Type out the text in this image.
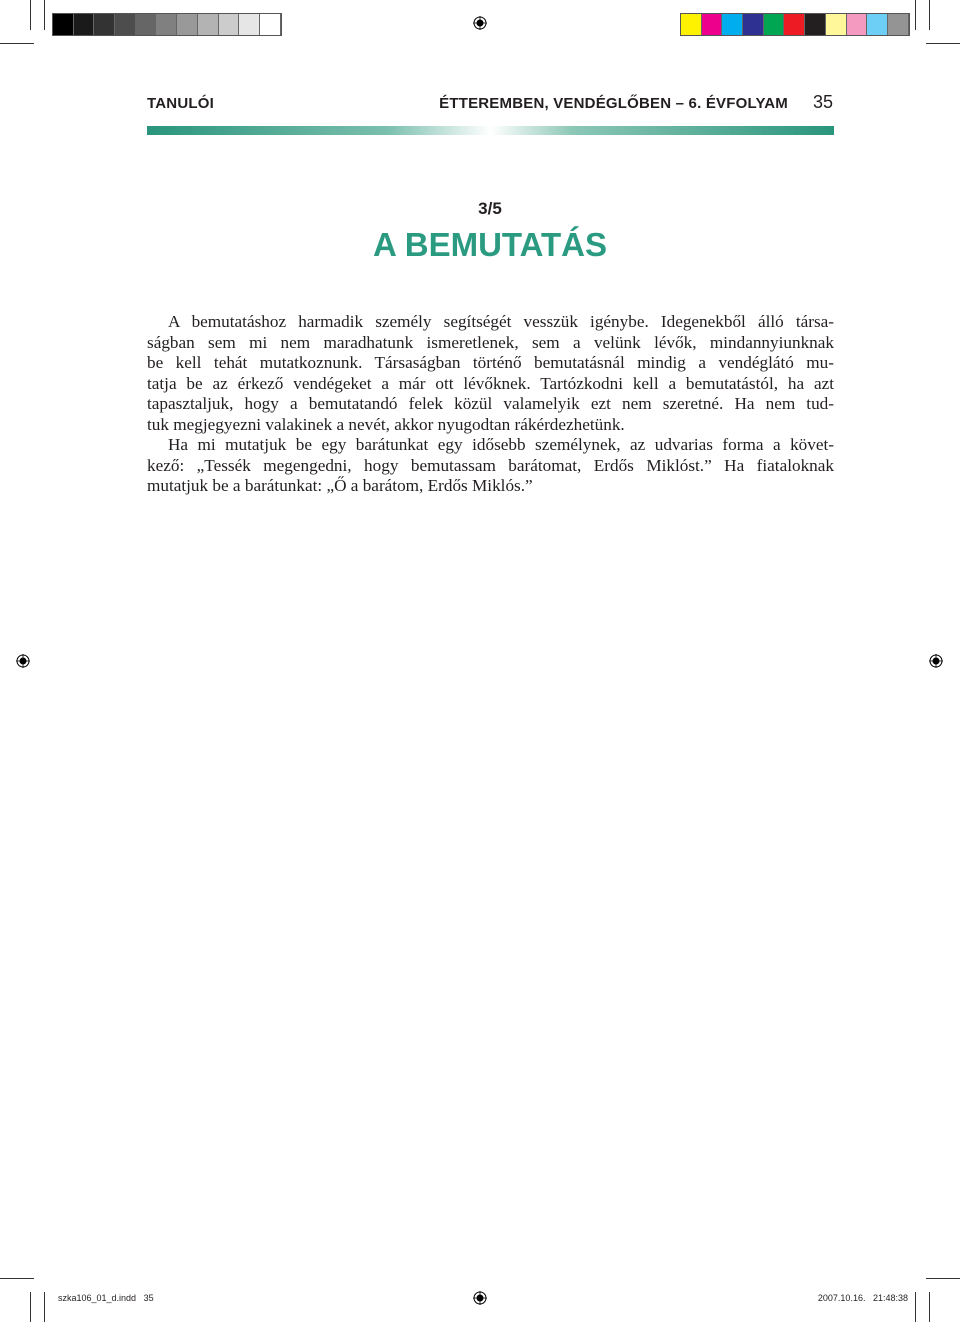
TANULÓI	ÉTTEREMBEN, VENDÉGLŐBEN – 6. ÉVFOLYAM 35
3/5
A BEMUTATÁS
A bemutatáshoz harmadik személy segítségét vesszük igénybe. Idegenekből álló társa-
ságban sem mi nem maradhatunk ismeretlenek, sem a velünk lévők, mindannyiunknak
be kell tehát mutatkoznunk. Társaságban történő bemutatásnál mindig a vendéglátó mu-
tatja be az érkező vendégeket a már ott lévőknek. Tartózkodni kell a bemutatástól, ha azt
tapasztaljuk, hogy a bemutatandó felek közül valamelyik ezt nem szeretné. Ha nem tud-
tuk megjegyezni valakinek a nevét, akkor nyugodtan rákérdezhetünk.
Ha mi mutatjuk be egy barátunkat egy idősebb személynek, az udvarias forma a követ-
kező: „Tessék megengedni, hogy bemutassam barátomat, Erdős Miklóst.” Ha fiataloknak
mutatjuk be a barátunkat: „Ő a barátom, Erdős Miklós.”
szka106_01_d.indd   35	2007.10.16.   21:48:38
